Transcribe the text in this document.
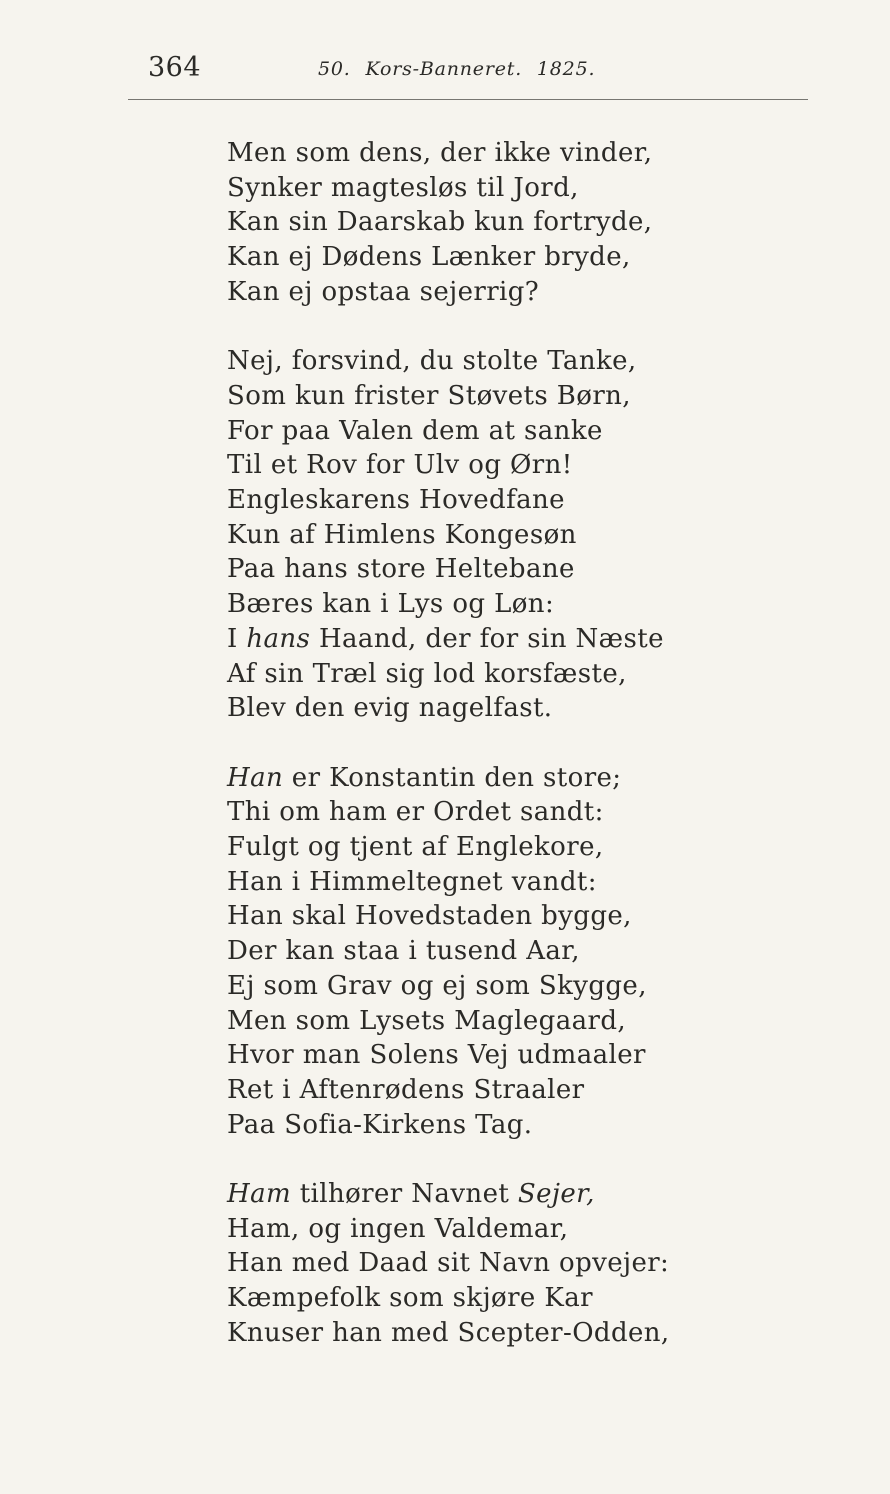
364	50. Kors-Banneret. 1825.
Men som dens, der ikke vinder,
Synker magtesløs til Jord,
Kan sin Daarskab kun fortryde,
Kan ej Dødens Lænker bryde,
Kan ej opstaa sejerrig?
Nej, forsvind, du stolte Tanke,
Som kun frister Støvets Børn,
For paa Valen dem at sanke
Til et Rov for Ulv og Ørn!
Engleskarens Hovedfane
Kun af Himlens Kongesøn
Paa hans store Heltebane
Bæres kan i Lys og Løn:
I hans Haand, der for sin Næste
Af sin Træl sig lod korsfæste,
Blev den evig nagelfast.
Han er Konstantin den store;
Thi om ham er Ordet sandt:
Fulgt og tjent af Englekore,
Han i Himmeltegnet vandt:
Han skal Hovedstaden bygge,
Der kan staa i tusend Aar,
Ej som Grav og ej som Skygge,
Men som Lysets Maglegaard,
Hvor man Solens Vej udmaaler
Ret i Aftenrødens Straaler
Paa Sofia-Kirkens Tag.
Ham tilhører Navnet Sejer,
Ham, og ingen Valdemar,
Han med Daad sit Navn opvejer:
Kæmpefolk som skjøre Kar
Knuser han med Scepter-Odden,
